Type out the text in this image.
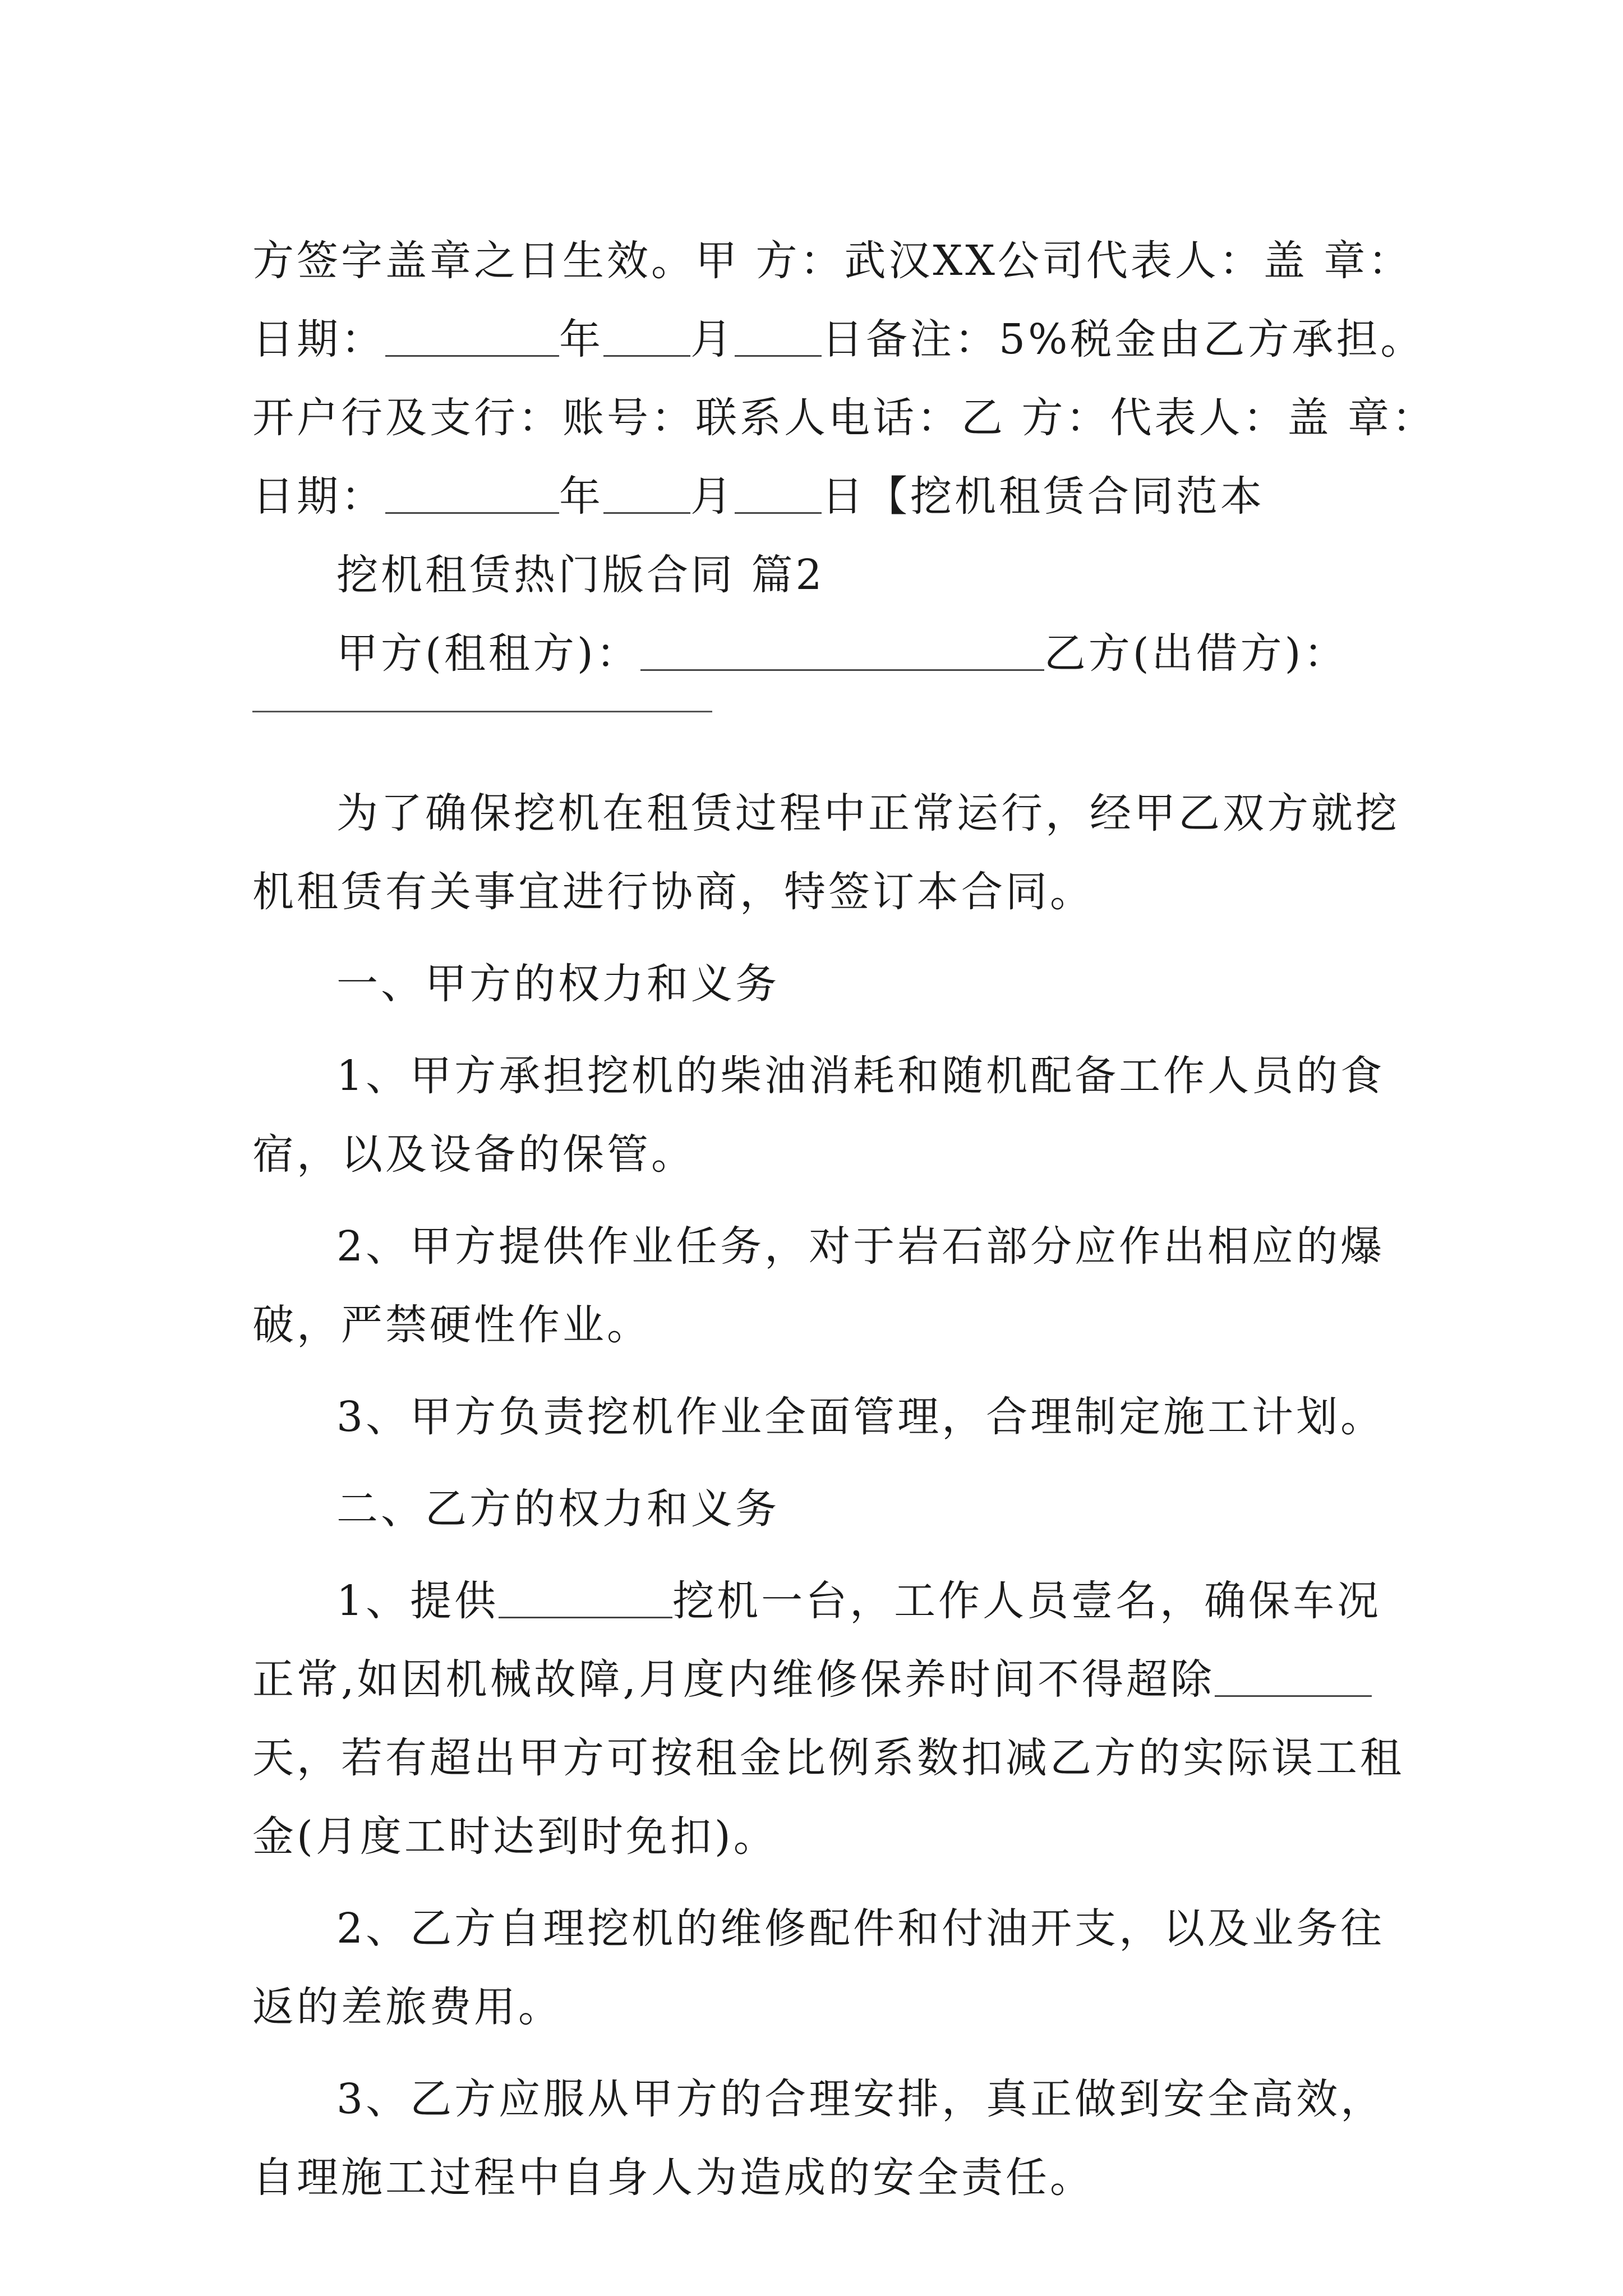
方签字盖章之日生效。甲 方：武汉XX公司代表人：盖 章：
日期：	年 月 日备注：5%税金由乙方承担。
开户行及支行：账号：联系人电话：乙 方：代表人：盖 章：
日期：	年 月 日【挖机租赁合同范本
挖机租赁热门版合同 篇2
甲方(租租方)：	乙方(出借方)：
为了确保挖机在租赁过程中正常运行，经甲乙双方就挖
机租赁有关事宜进行协商，特签订本合同。
一、甲方的权力和义务
1、甲方承担挖机的柴油消耗和随机配备工作人员的食
宿，以及设备的保管。
2、甲方提供作业任务，对于岩石部分应作出相应的爆
破，严禁硬性作业。
3、甲方负责挖机作业全面管理，合理制定施工计划。
二、乙方的权力和义务
1、提供	挖机一台，工作人员壹名，确保车况
正常,如因机械故障,月度内维修保养时间不得超除
天，若有超出甲方可按租金比例系数扣减乙方的实际误工租
金(月度工时达到时免扣)。
2、乙方自理挖机的维修配件和付油开支，以及业务往
返的差旅费用。
3、乙方应服从甲方的合理安排，真正做到安全高效，
自理施工过程中自身人为造成的安全责任。
